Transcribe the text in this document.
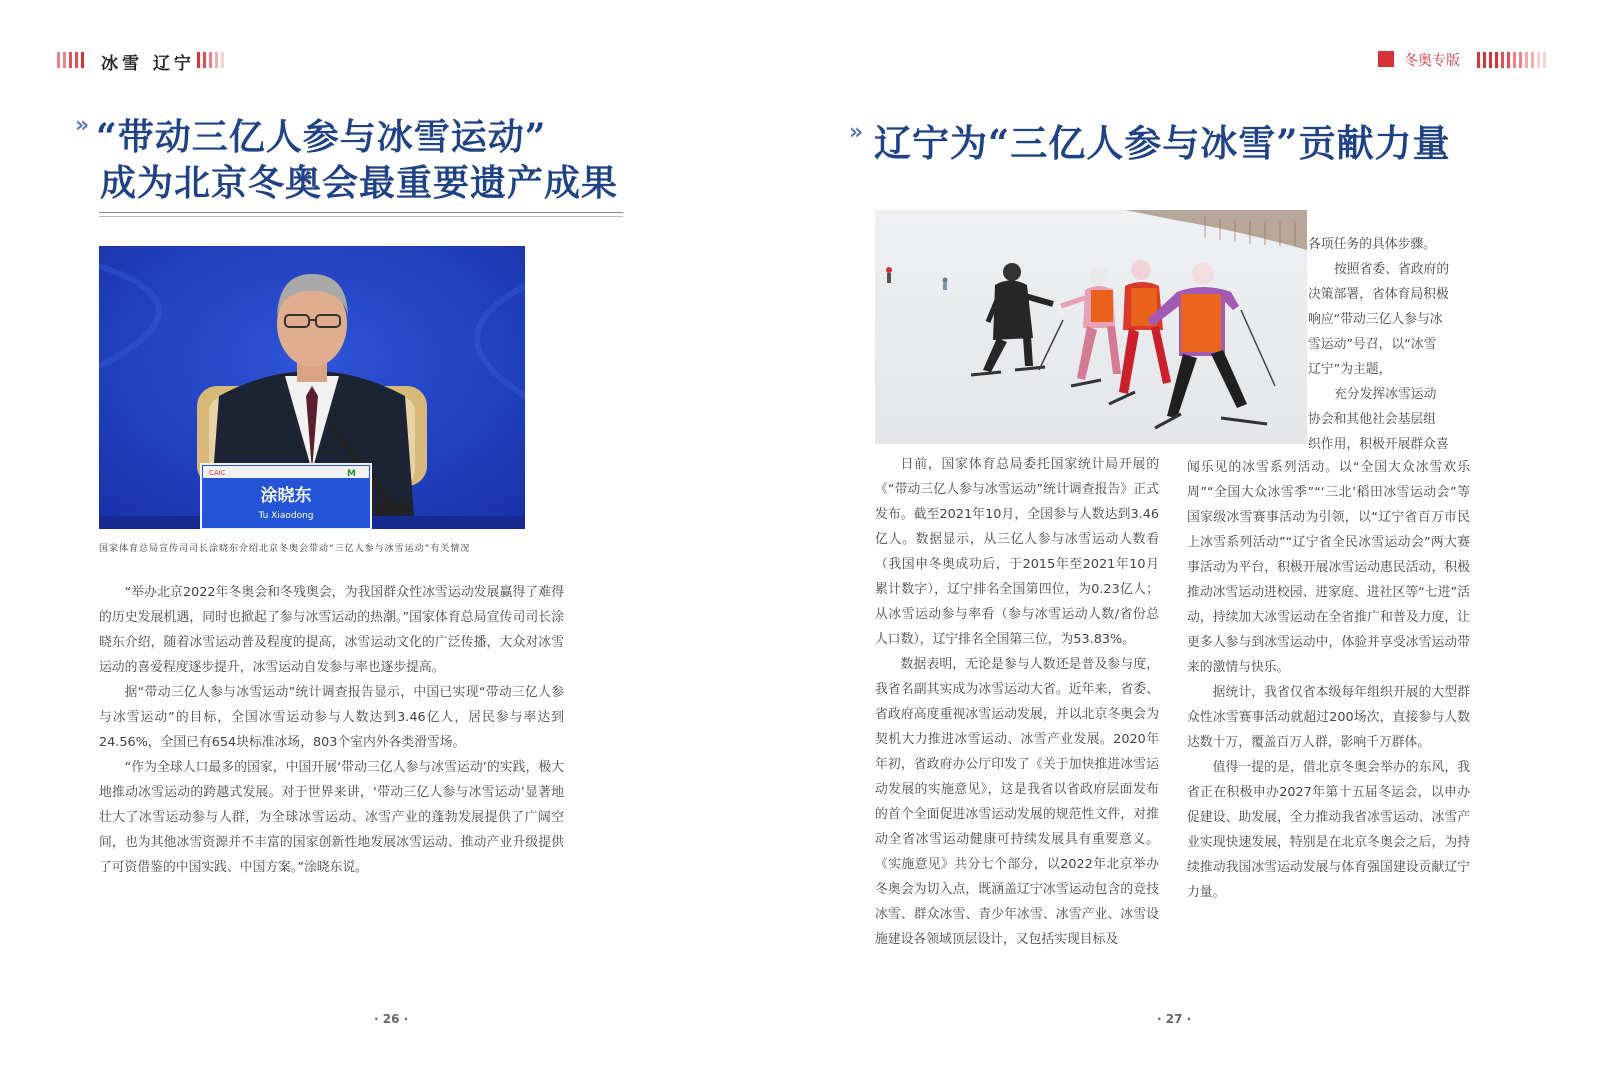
冰雪 辽宁
» “带动三亿人参与冰雪运动”
成为北京冬奥会最重要遗产成果
CAIC	M
涂晓东
Tu Xiaodong
国家体育总局宣传司司长涂晓东介绍北京冬奥会带动“三亿人参与冰雪运动”有关情况

“举办北京2022年冬奥会和冬残奥会，为我国群众性冰雪运动发展赢得了难得的历史发展机遇，同时也掀起了参与冰雪运动的热潮。”国家体育总局宣传司司长涂晓东介绍，随着冰雪运动普及程度的提高，冰雪运动文化的广泛传播，大众对冰雪运动的喜爱程度逐步提升，冰雪运动自发参与率也逐步提高。

据“带动三亿人参与冰雪运动”统计调查报告显示，中国已实现“带动三亿人参与冰雪运动”的目标，全国冰雪运动参与人数达到3.46亿人，居民参与率达到24.56%，全国已有654块标准冰场，803个室内外各类滑雪场。

“作为全球人口最多的国家，中国开展‘带动三亿人参与冰雪运动’的实践，极大地推动冰雪运动的跨越式发展。对于世界来讲，‘带动三亿人参与冰雪运动’显著地壮大了冰雪运动参与人群，为全球冰雪运动、冰雪产业的蓬勃发展提供了广阔空间，也为其他冰雪资源并不丰富的国家创新性地发展冰雪运动、推动产业升级提供了可资借鉴的中国实践、中国方案。”涂晓东说。

· 26 ·
冬奥专版
» 辽宁为“三亿人参与冰雪”贡献力量
各项任务的具体步骤。
按照省委、省政府的
决策部署，省体育局积极
响应“带动三亿人参与冰
雪运动”号召，以“冰雪
辽宁”为主题，
充分发挥冰雪运动
协会和其他社会基层组
织作用，积极开展群众喜

日前，国家体育总局委托国家统计局开展的《“带动三亿人参与冰雪运动”统计调查报告》正式发布。截至2021年10月，全国参与人数达到3.46亿人。数据显示，从三亿人参与冰雪运动人数看（我国申冬奥成功后，于2015年至2021年10月累计数字），辽宁排名全国第四位，为0.23亿人；从冰雪运动参与率看（参与冰雪运动人数/省份总人口数），辽宁排名全国第三位，为53.83%。

数据表明，无论是参与人数还是普及参与度，我省名副其实成为冰雪运动大省。近年来，省委、省政府高度重视冰雪运动发展，并以北京冬奥会为契机大力推进冰雪运动、冰雪产业发展。2020年年初，省政府办公厅印发了《关于加快推进冰雪运动发展的实施意见》，这是我省以省政府层面发布的首个全面促进冰雪运动发展的规范性文件，对推动全省冰雪运动健康可持续发展具有重要意义。《实施意见》共分七个部分，以2022年北京举办冬奥会为切入点，既涵盖辽宁冰雪运动包含的竞技冰雪、群众冰雪、青少年冰雪、冰雪产业、冰雪设施建设各领域顶层设计，又包括实现目标及

闻乐见的冰雪系列活动。以“全国大众冰雪欢乐周”“全国大众冰雪季”“‘三北’稻田冰雪运动会”等国家级冰雪赛事活动为引领，以“辽宁省百万市民上冰雪系列活动”“辽宁省全民冰雪运动会”两大赛事活动为平台，积极开展冰雪运动惠民活动，积极推动冰雪运动进校园、进家庭、进社区等“七进”活动，持续加大冰雪运动在全省推广和普及力度，让更多人参与到冰雪运动中，体验并享受冰雪运动带来的激情与快乐。

据统计，我省仅省本级每年组织开展的大型群众性冰雪赛事活动就超过200场次，直接参与人数达数十万，覆盖百万人群，影响千万群体。

值得一提的是，借北京冬奥会举办的东风，我省正在积极申办2027年第十五届冬运会，以申办促建设、助发展，全力推动我省冰雪运动、冰雪产业实现快速发展，特别是在北京冬奥会之后，为持续推动我国冰雪运动发展与体育强国建设贡献辽宁力量。

· 27 ·
